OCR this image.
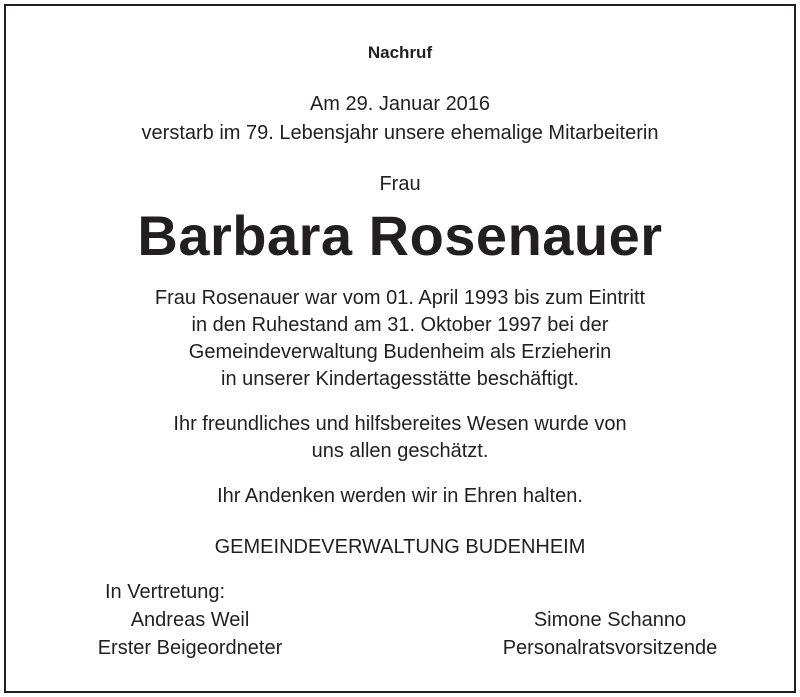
Nachruf
Am 29. Januar 2016
verstarb im 79. Lebensjahr unsere ehemalige Mitarbeiterin
Frau
Barbara Rosenauer
Frau Rosenauer war vom 01. April 1993 bis zum Eintritt
in den Ruhestand am 31. Oktober 1997 bei der
Gemeindeverwaltung Budenheim als Erzieherin
in unserer Kindertagesstätte beschäftigt.
Ihr freundliches und hilfsbereites Wesen wurde von
uns allen geschätzt.
Ihr Andenken werden wir in Ehren halten.
GEMEINDEVERWALTUNG BUDENHEIM
In Vertretung:
Andreas Weil
Erster Beigeordneter
Simone Schanno
Personalratsvorsitzende
